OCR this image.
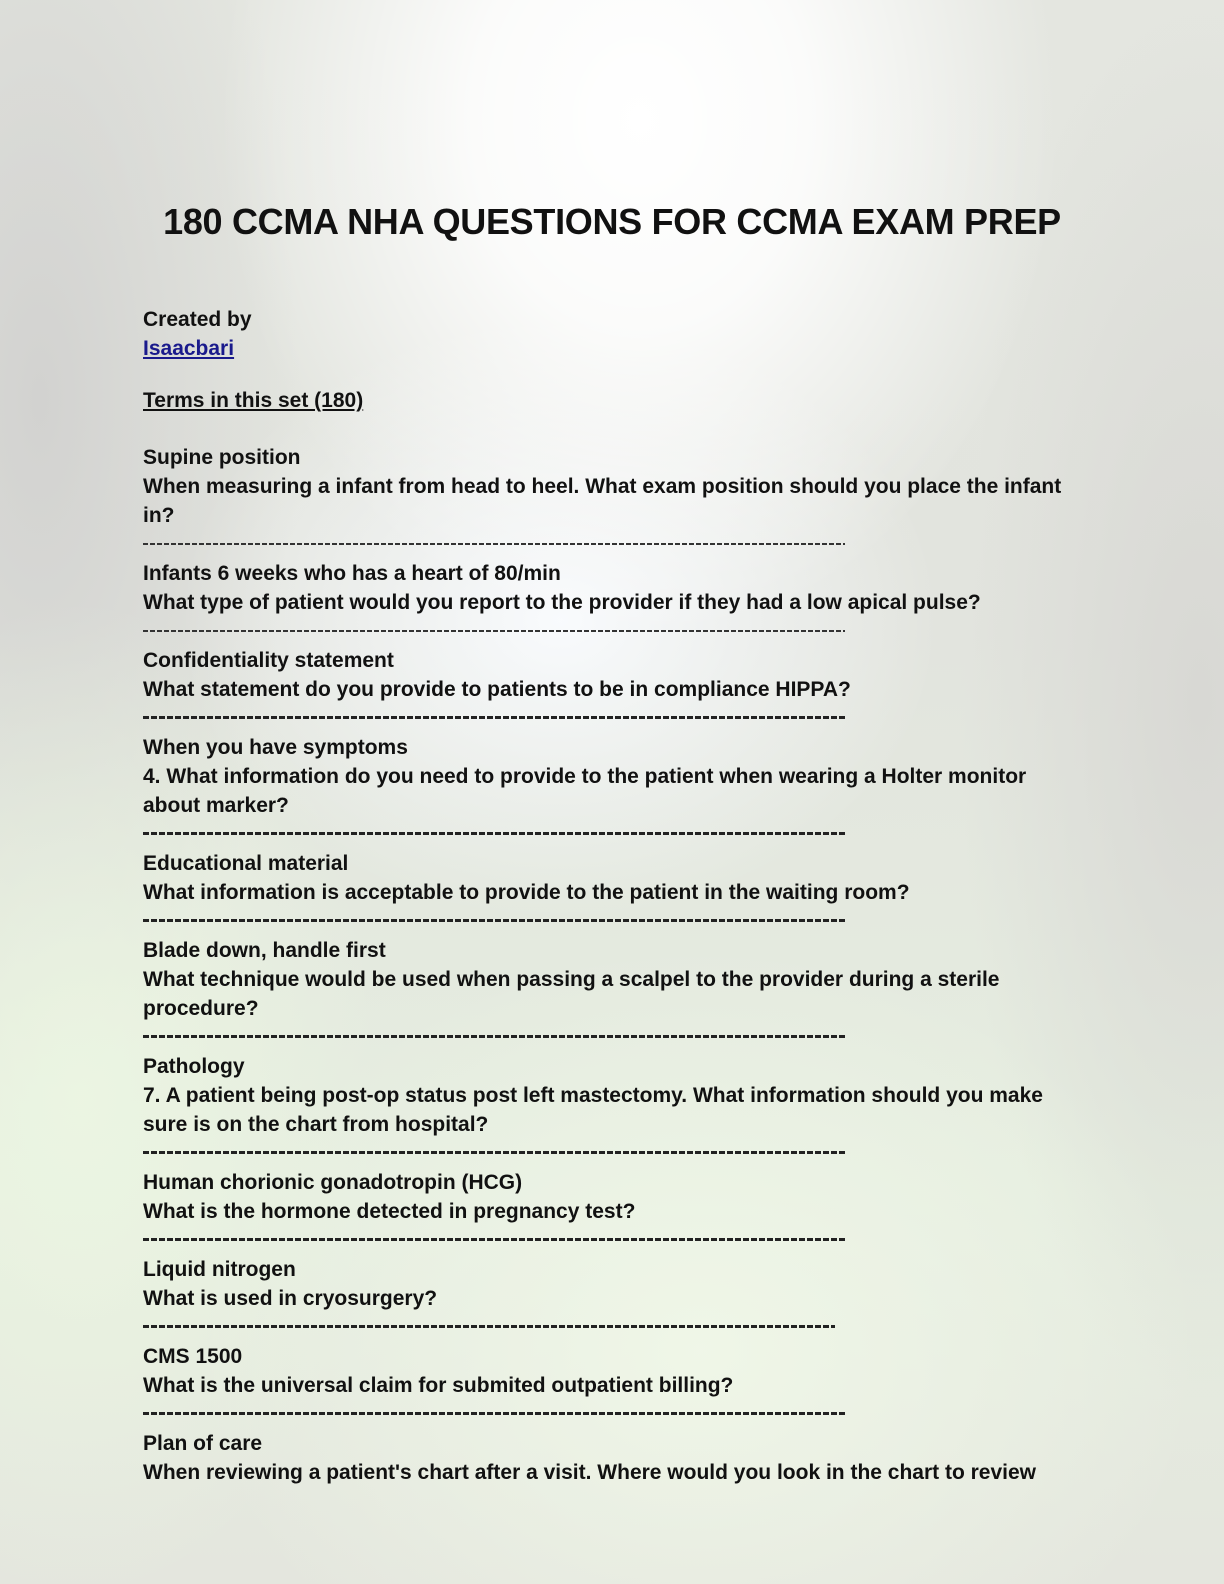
180 CCMA NHA QUESTIONS FOR CCMA EXAM PREP
Created by
Isaacbari
Terms in this set (180)
Supine position
When measuring a infant from head to heel. What exam position should you place the infant in?
Infants 6 weeks who has a heart of 80/min
What type of patient would you report to the provider if they had a low apical pulse?
Confidentiality statement
What statement do you provide to patients to be in compliance HIPPA?
When you have symptoms
4. What information do you need to provide to the patient when wearing a Holter monitor about marker?
Educational material
What information is acceptable to provide to the patient in the waiting room?
Blade down, handle first
What technique would be used when passing a scalpel to the provider during a sterile procedure?
Pathology
7. A patient being post-op status post left mastectomy. What information should you make sure is on the chart from hospital?
Human chorionic gonadotropin (HCG)
What is the hormone detected in pregnancy test?
Liquid nitrogen
What is used in cryosurgery?
CMS 1500
What is the universal claim for submited outpatient billing?
Plan of care
When reviewing a patient's chart after a visit. Where would you look in the chart to review
